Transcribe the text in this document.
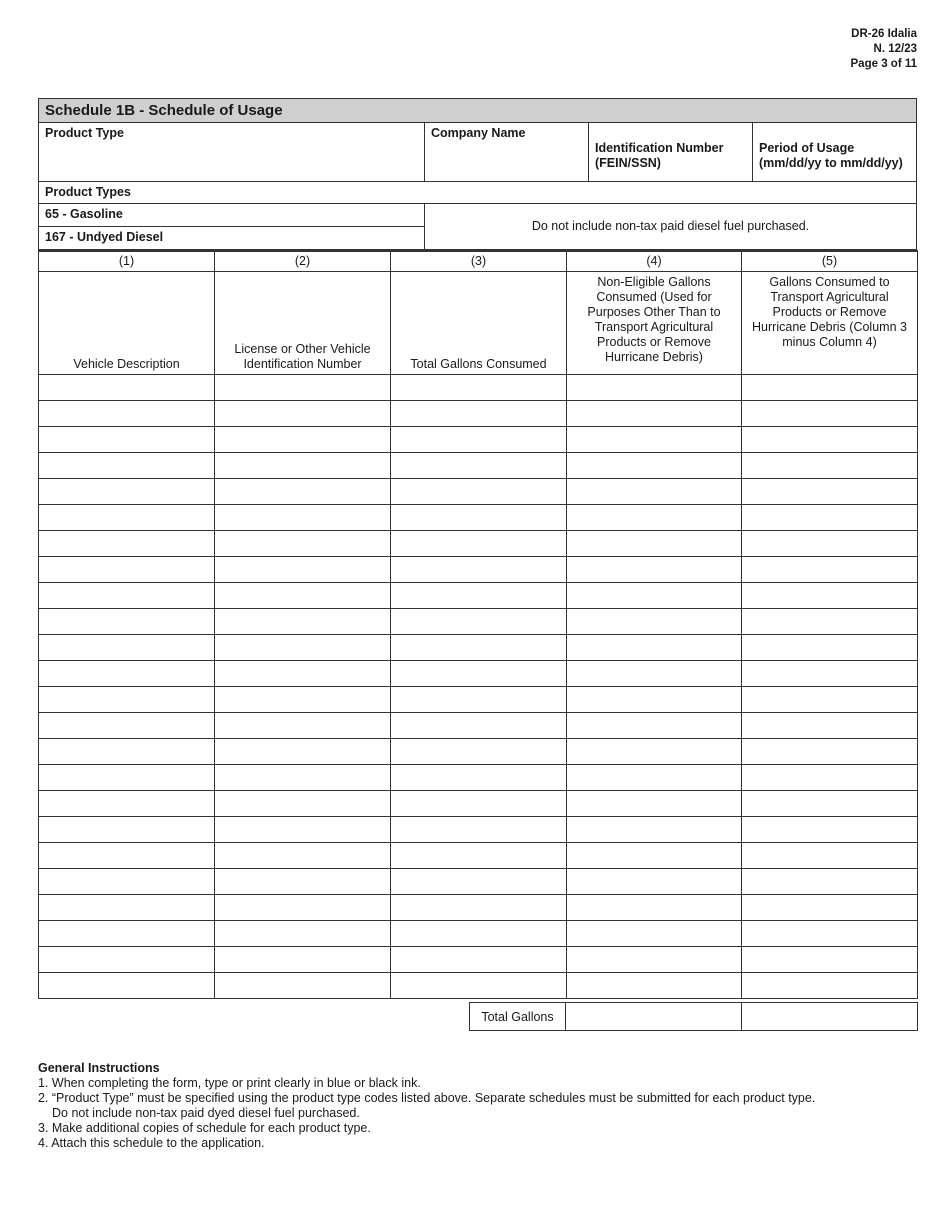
DR-26 Idalia
N. 12/23
Page 3 of 11
Schedule 1B - Schedule of Usage
Product Type	Company Name

Identification Number
(FEIN/SSN)

Period of Usage
(mm/dd/yy to mm/dd/yy)

Product Types
65 - Gasoline
167 - Undyed Diesel
Do not include non-tax paid diesel fuel purchased.
(1)	(2)	(3)	(4)	(5)
Vehicle Description	License or Other Vehicle Identification Number	Total Gallons Consumed	Non-Eligible Gallons Consumed (Used for Purposes Other Than to Transport Agricultural Products or Remove Hurricane Debris)	Gallons Consumed to Transport Agricultural Products or Remove Hurricane Debris (Column 3 minus Column 4)

Total Gallons		
General Instructions
1. When completing the form, type or print clearly in blue or black ink.
2. “Product Type” must be specified using the product type codes listed above. Separate schedules must be submitted for each product type.
Do not include non-tax paid dyed diesel fuel purchased.
3. Make additional copies of schedule for each product type.
4. Attach this schedule to the application.
